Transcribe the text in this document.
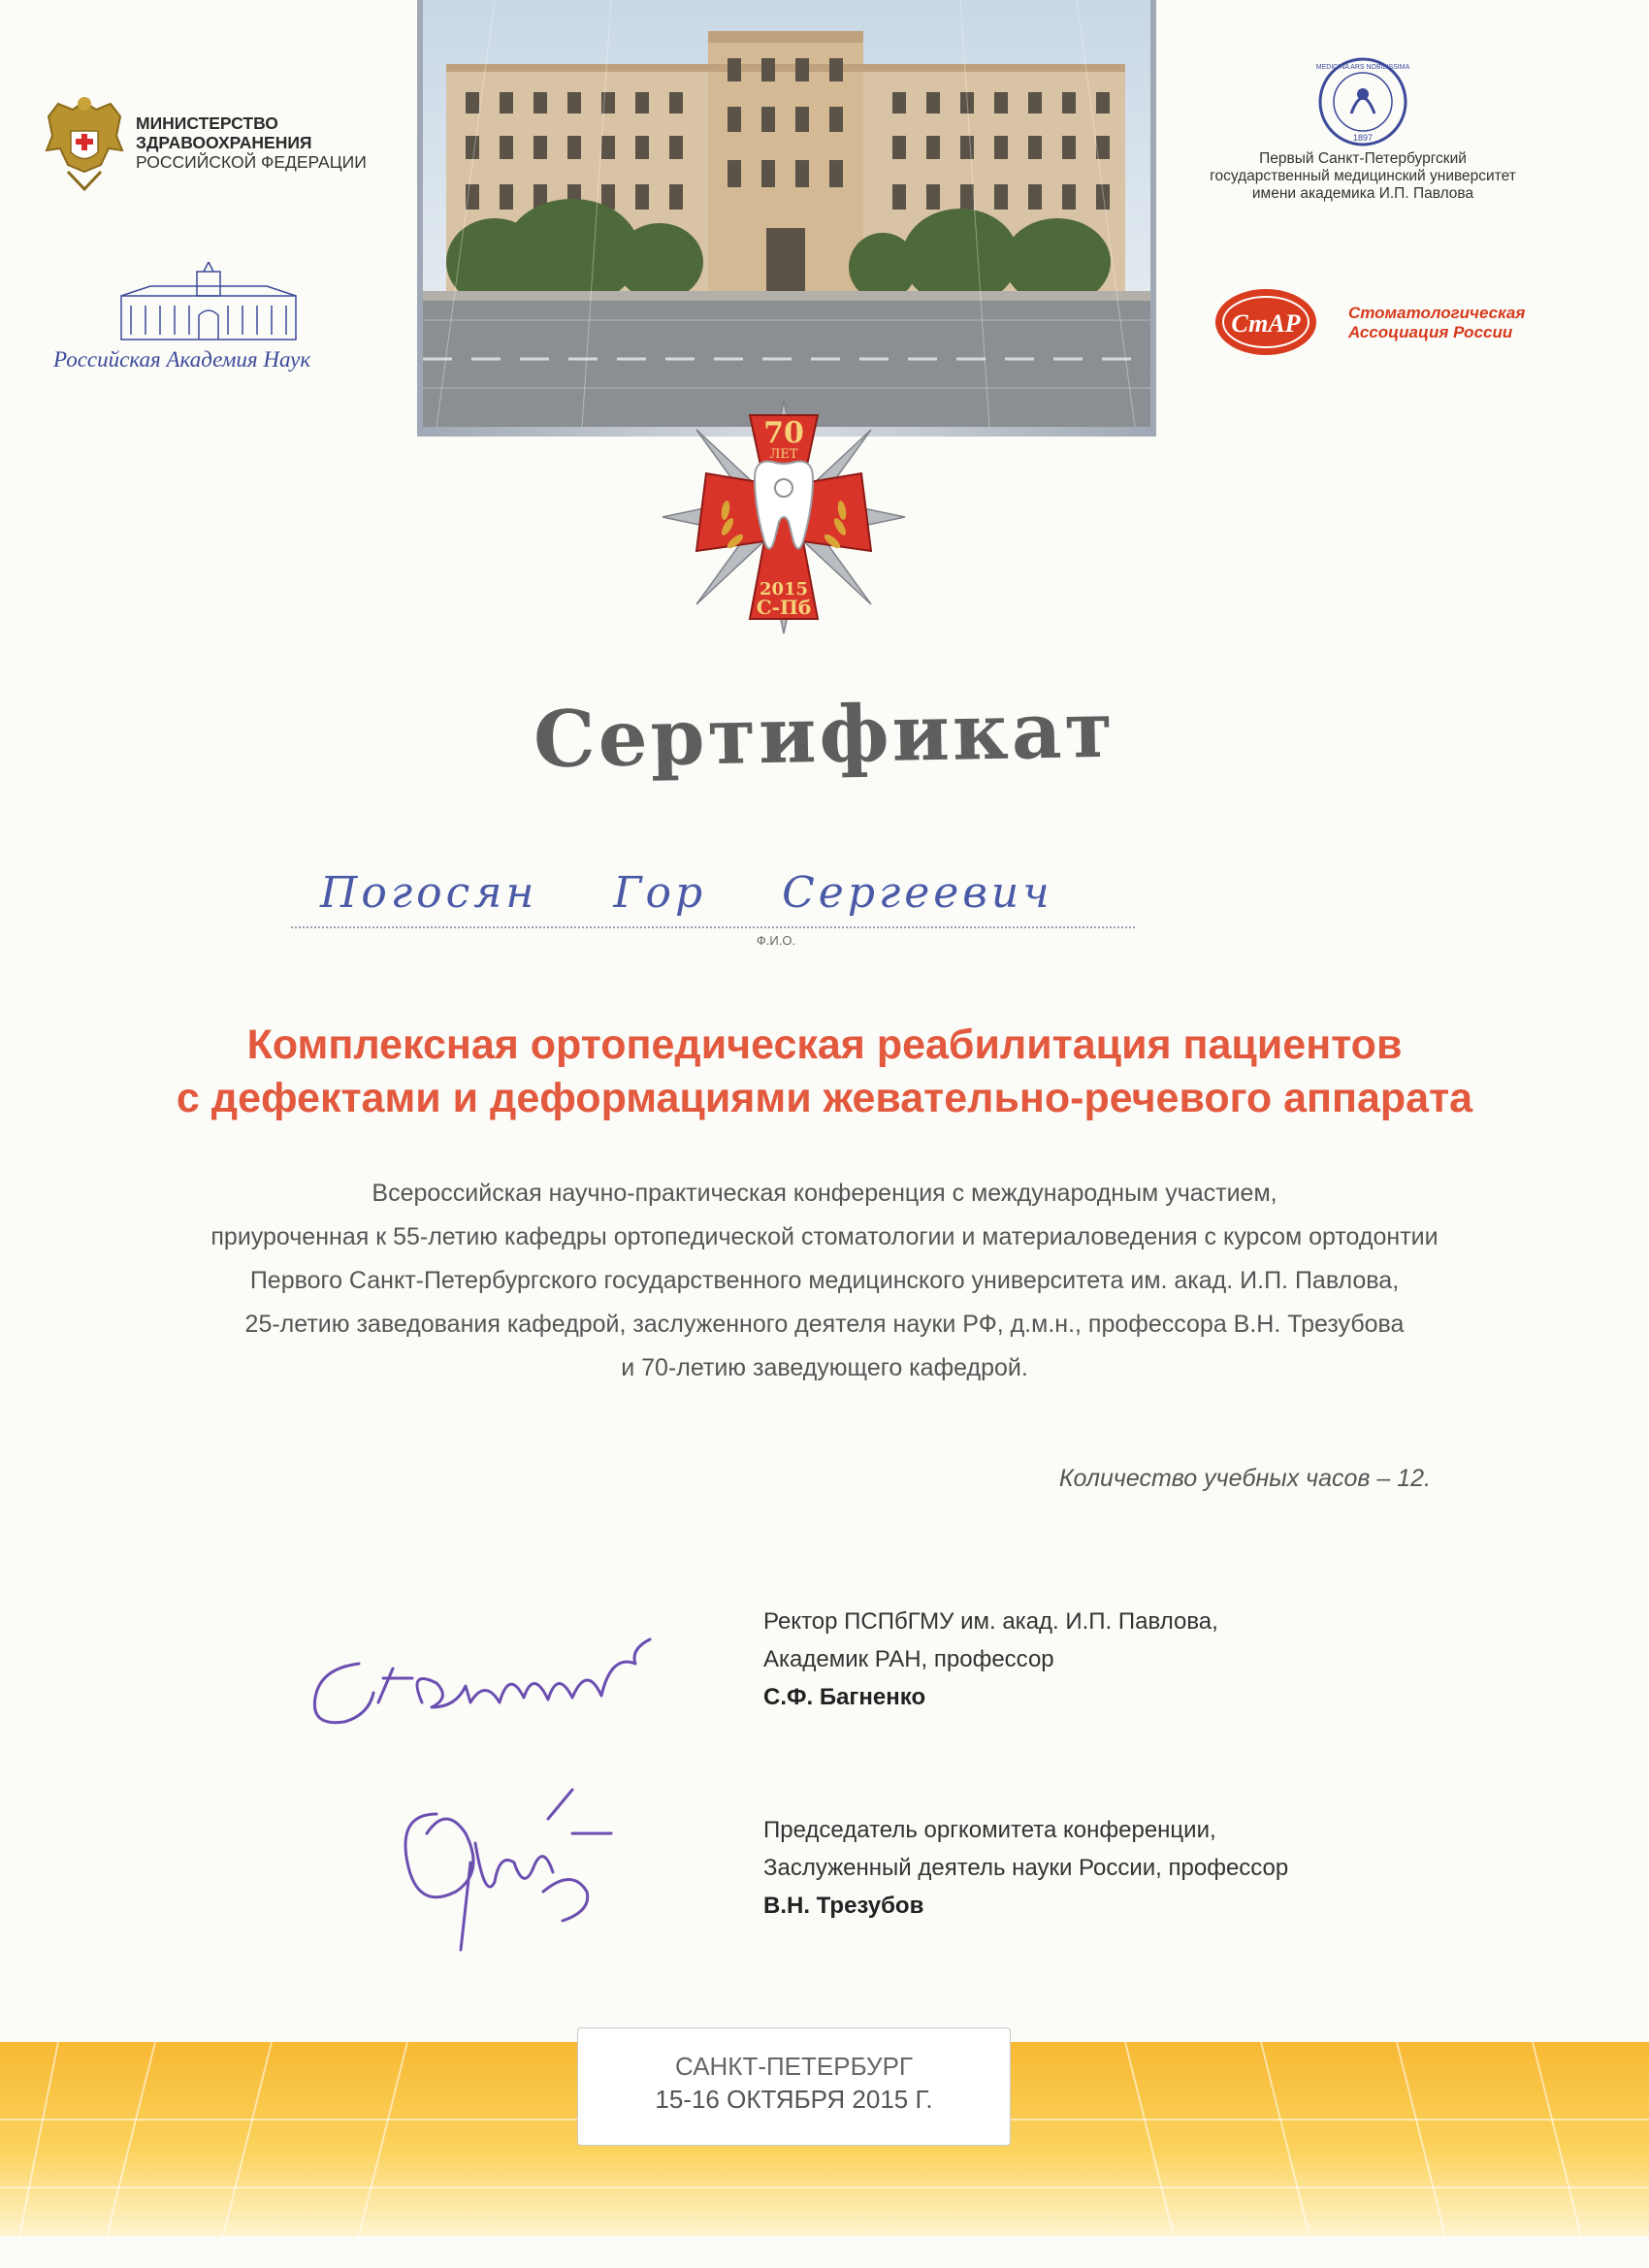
МИНИСТЕРСТВО
ЗДРАВООХРАНЕНИЯ
РОССИЙСКОЙ ФЕДЕРАЦИИ
Российская Академия Наук
1897
MEDICINA ARS NOBILISSIMA
Первый Санкт-Петербургский
государственный медицинский университет
имени академика И.П. Павлова
СтАР	Стоматологическая
Ассоциация России
70
ЛЕТ
2015
С-Пб
Сертификат
Погосян Гор Сергеевич
Ф.И.О.
Комплексная ортопедическая реабилитация пациентов
с дефектами и деформациями жевательно-речевого аппарата
Всероссийская научно-практическая конференция с международным участием,
приуроченная к 55-летию кафедры ортопедической стоматологии и материаловедения с курсом ортодонтии
Первого Санкт-Петербургского государственного медицинского университета им. акад. И.П. Павлова,
25-летию заведования кафедрой, заслуженного деятеля науки РФ, д.м.н., профессора В.Н. Трезубова
и 70-летию заведующего кафедрой.
Количество учебных часов – 12.
Ректор ПСПбГМУ им. акад. И.П. Павлова,
Академик РАН, профессор
С.Ф. Багненко
Председатель оргкомитета конференции,
Заслуженный деятель науки России, профессор
В.Н. Трезубов
САНКТ-ПЕТЕРБУРГ
15-16 ОКТЯБРЯ 2015 Г.
